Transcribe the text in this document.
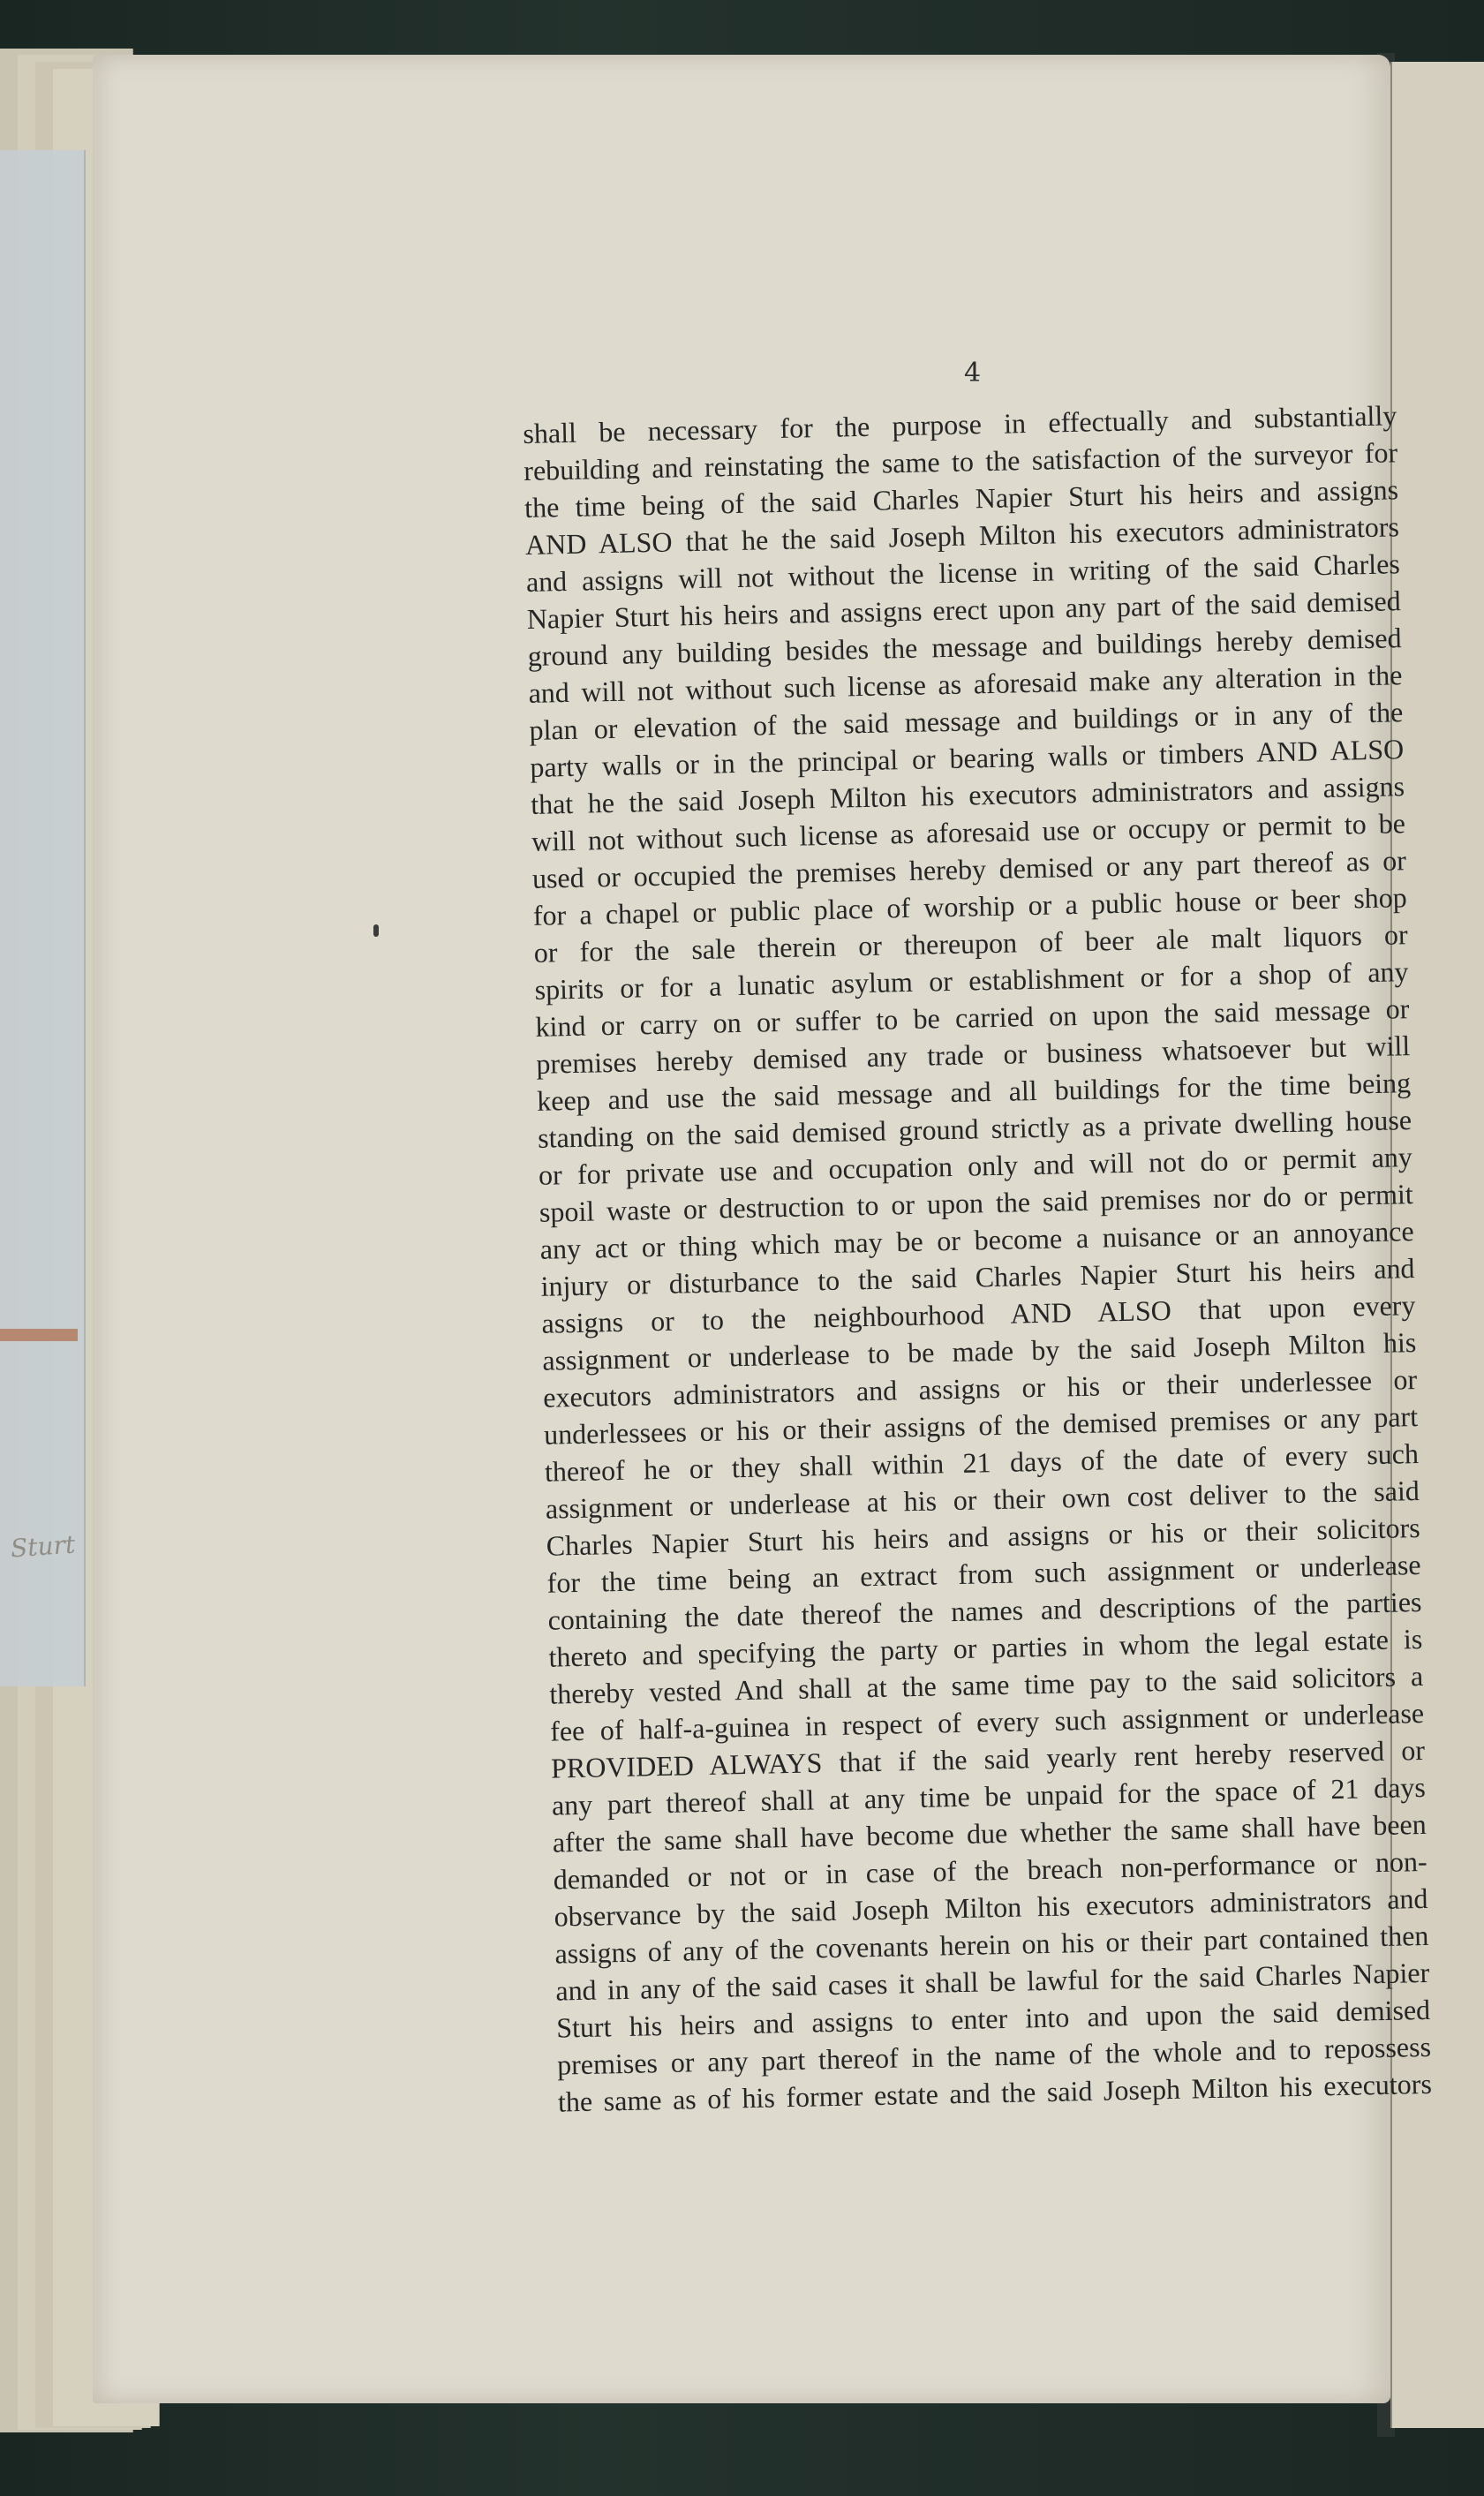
Sturt
4
shall be necessary for the purpose in effectually and substantially
rebuilding and reinstating the same to the satisfaction of the surveyor for
the time being of the said Charles Napier Sturt his heirs and assigns
AND ALSO that he the said Joseph Milton his executors administrators
and assigns will not without the license in writing of the said Charles
Napier Sturt his heirs and assigns erect upon any part of the said demised
ground any building besides the message and buildings hereby demised
and will not without such license as aforesaid make any alteration in the
plan or elevation of the said message and buildings or in any of the
party walls or in the principal or bearing walls or timbers AND ALSO
that he the said Joseph Milton his executors administrators and assigns
will not without such license as aforesaid use or occupy or permit to be
used or occupied the premises hereby demised or any part thereof as or
for a chapel or public place of worship or a public house or beer shop
or for the sale therein or thereupon of beer ale malt liquors or
spirits or for a lunatic asylum or establishment or for a shop of any
kind or carry on or suffer to be carried on upon the said message or
premises hereby demised any trade or business whatsoever but will
keep and use the said message and all buildings for the time being
standing on the said demised ground strictly as a private dwelling house
or for private use and occupation only and will not do or permit any
spoil waste or destruction to or upon the said premises nor do or permit
any act or thing which may be or become a nuisance or an annoyance
injury or disturbance to the said Charles Napier Sturt his heirs and
assigns or to the neighbourhood AND ALSO that upon every
assignment or underlease to be made by the said Joseph Milton his
executors administrators and assigns or his or their underlessee or
underlessees or his or their assigns of the demised premises or any part
thereof he or they shall within 21 days of the date of every such
assignment or underlease at his or their own cost deliver to the said
Charles Napier Sturt his heirs and assigns or his or their solicitors
for the time being an extract from such assignment or underlease
containing the date thereof the names and descriptions of the parties
thereto and specifying the party or parties in whom the legal estate is
thereby vested And shall at the same time pay to the said solicitors a
fee of half-a-guinea in respect of every such assignment or underlease
PROVIDED ALWAYS that if the said yearly rent hereby reserved or
any part thereof shall at any time be unpaid for the space of 21 days
after the same shall have become due whether the same shall have been
demanded or not or in case of the breach non-performance or non-
observance by the said Joseph Milton his executors administrators and
assigns of any of the covenants herein on his or their part contained then
and in any of the said cases it shall be lawful for the said Charles Napier
Sturt his heirs and assigns to enter into and upon the said demised
premises or any part thereof in the name of the whole and to repossess
the same as of his former estate and the said Joseph Milton his executors
